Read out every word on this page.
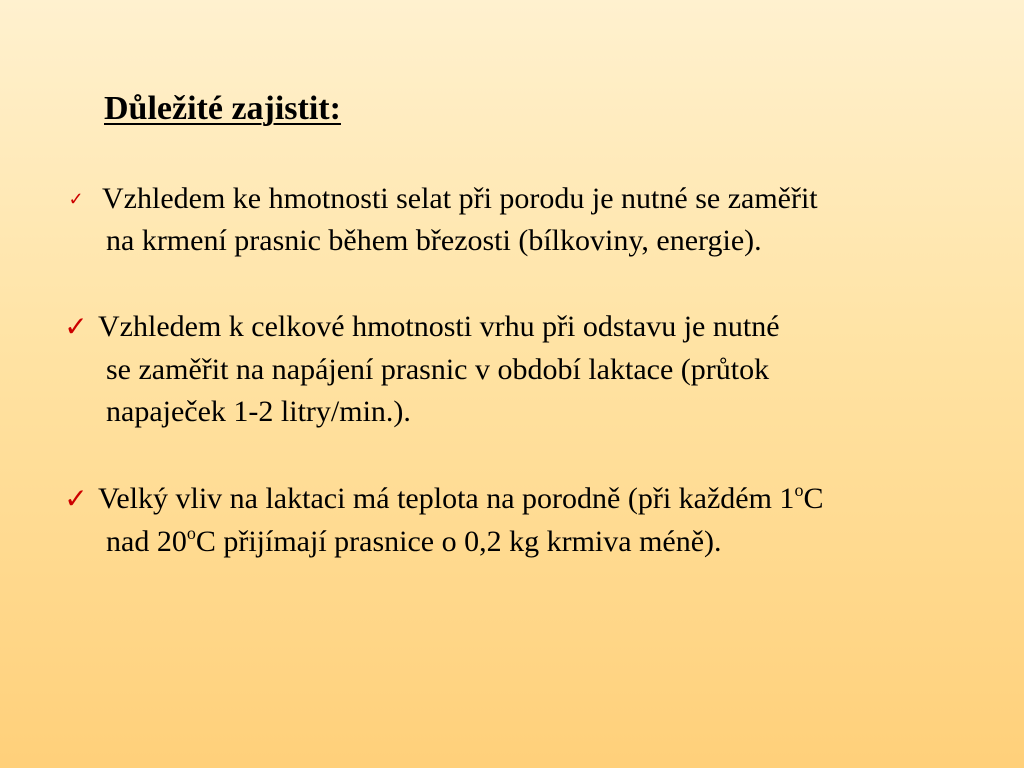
Důležité zajistit:
✓ Vzhledem ke hmotnosti selat při porodu je nutné se zaměřit
na krmení prasnic během březosti (bílkoviny, energie).
✓ Vzhledem k celkové hmotnosti vrhu při odstavu je nutné
se zaměřit na napájení prasnic v období laktace (průtok
napaječek 1-2 litry/min.).
✓ Velký vliv na laktaci má teplota na porodně (při každém 1$^o$C
nad 20$^o$C přijímají prasnice o 0,2 kg krmiva méně).
